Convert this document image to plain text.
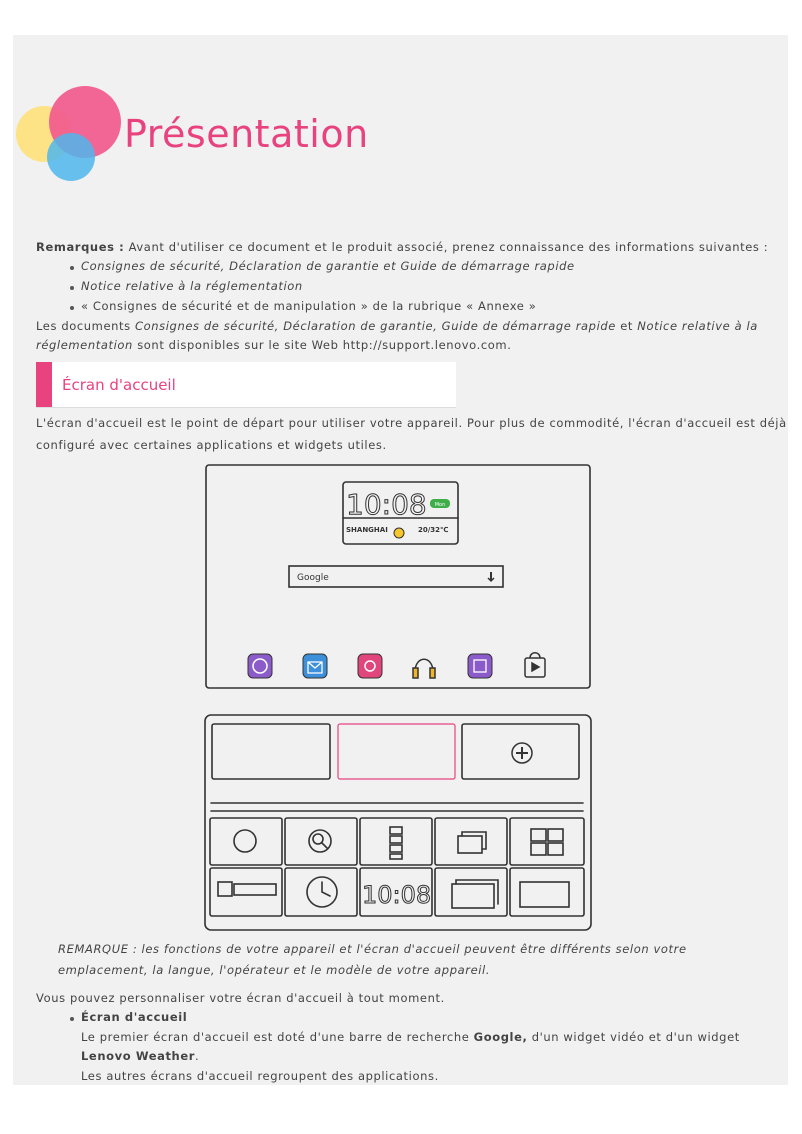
Présentation
Remarques : Avant d'utiliser ce document et le produit associé, prenez connaissance des informations suivantes :
Consignes de sécurité, Déclaration de garantie et Guide de démarrage rapide
Notice relative à la réglementation
« Consignes de sécurité et de manipulation » de la rubrique « Annexe »
Les documents Consignes de sécurité, Déclaration de garantie, Guide de démarrage rapide et Notice relative à la
réglementation sont disponibles sur le site Web http://support.lenovo.com.
Écran d'accueil
L'écran d'accueil est le point de départ pour utiliser votre appareil. Pour plus de commodité, l'écran d'accueil est déjà
configuré avec certaines applications et widgets utiles.
10:08 Mon
SHANGHAI	20/32℃
Google
10:08
REMARQUE : les fonctions de votre appareil et l'écran d'accueil peuvent être différents selon votre
emplacement, la langue, l'opérateur et le modèle de votre appareil.
Vous pouvez personnaliser votre écran d'accueil à tout moment.
Écran d'accueil
Le premier écran d'accueil est doté d'une barre de recherche Google, d'un widget vidéo et d'un widget
Lenovo Weather.
Les autres écrans d'accueil regroupent des applications.
